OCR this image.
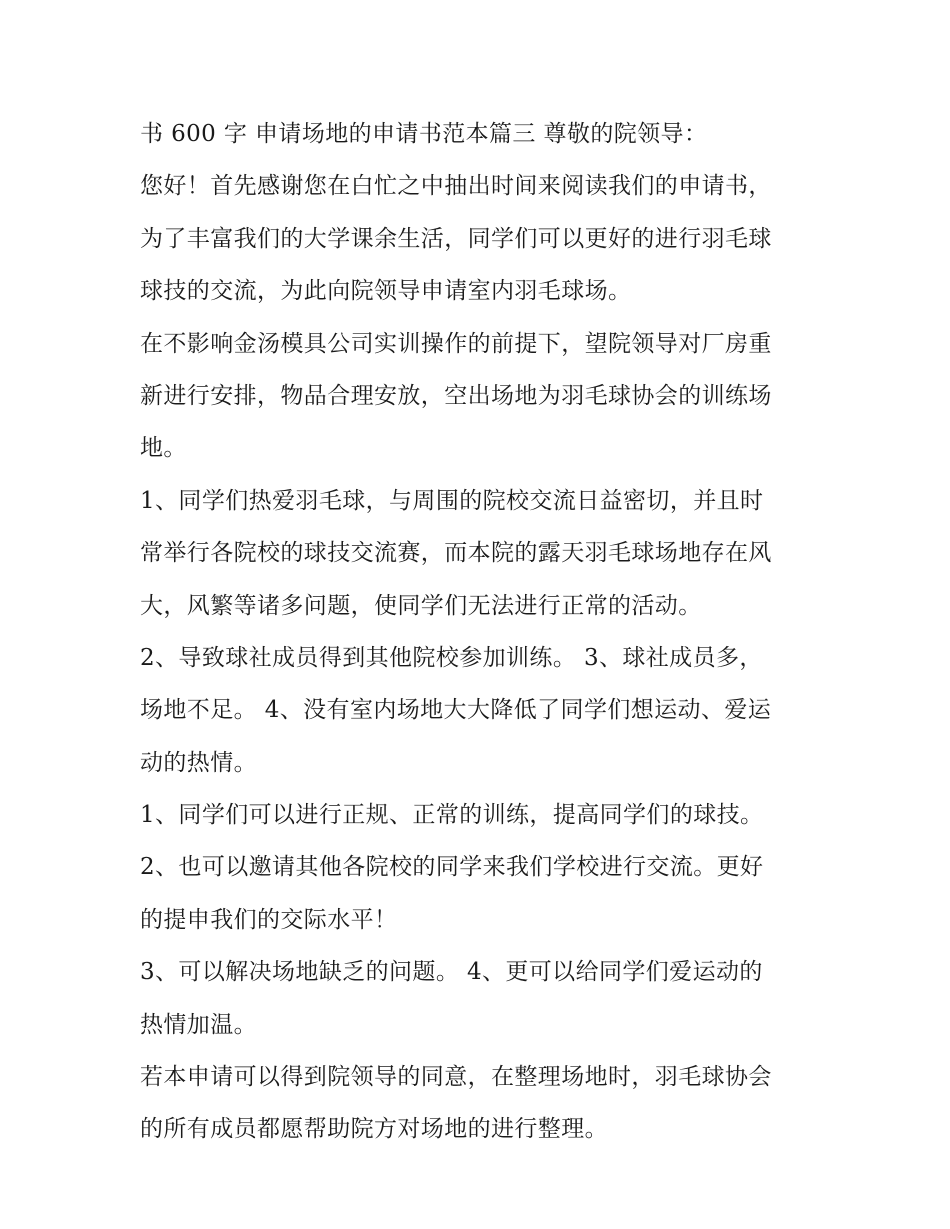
书 600 字 申请场地的申请书范本篇三 尊敬的院领导：
您好！首先感谢您在白忙之中抽出时间来阅读我们的申请书，
为了丰富我们的大学课余生活，同学们可以更好的进行羽毛球
球技的交流，为此向院领导申请室内羽毛球场。
在不影响金汤模具公司实训操作的前提下，望院领导对厂房重
新进行安排，物品合理安放，空出场地为羽毛球协会的训练场
地。
1、同学们热爱羽毛球，与周围的院校交流日益密切，并且时
常举行各院校的球技交流赛，而本院的露天羽毛球场地存在风
大，风繁等诸多问题，使同学们无法进行正常的活动。
2、导致球社成员得到其他院校参加训练。 3、球社成员多，
场地不足。 4、没有室内场地大大降低了同学们想运动、爱运
动的热情。
1、同学们可以进行正规、正常的训练，提高同学们的球技。
2、也可以邀请其他各院校的同学来我们学校进行交流。更好
的提申我们的交际水平！
3、可以解决场地缺乏的问题。 4、更可以给同学们爱运动的
热情加温。
若本申请可以得到院领导的同意，在整理场地时，羽毛球协会
的所有成员都愿帮助院方对场地的进行整理。
